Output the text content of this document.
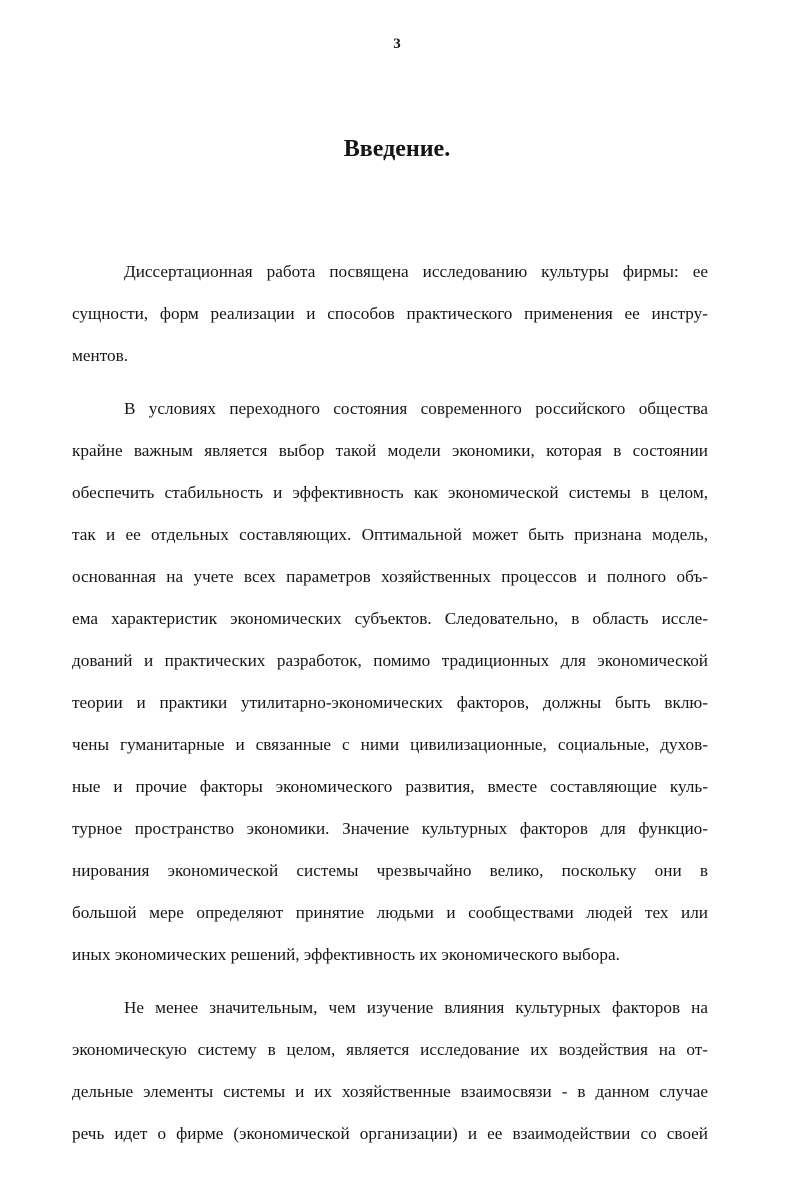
3
Введение.

Диссертационная работа посвящена исследованию культуры фирмы: ее
сущности, форм реализации и способов практического применения ее инстру-
ментов.

В условиях переходного состояния современного российского общества
крайне важным является выбор такой модели экономики, которая в состоянии
обеспечить стабильность и эффективность как экономической системы в целом,
так и ее отдельных составляющих. Оптимальной может быть признана модель,
основанная на учете всех параметров хозяйственных процессов и полного объ-
ема характеристик экономических субъектов. Следовательно, в область иссле-
дований и практических разработок, помимо традиционных для экономической
теории и практики утилитарно-экономических факторов, должны быть вклю-
чены гуманитарные и связанные с ними цивилизационные, социальные, духов-
ные и прочие факторы экономического развития, вместе составляющие куль-
турное пространство экономики. Значение культурных факторов для функцио-
нирования экономической системы чрезвычайно велико, поскольку они в
большой мере определяют принятие людьми и сообществами людей тех или
иных экономических решений, эффективность их экономического выбора.

Не менее значительным, чем изучение влияния культурных факторов на
экономическую систему в целом, является исследование их воздействия на от-
дельные элементы системы и их хозяйственные взаимосвязи - в данном случае
речь идет о фирме (экономической организации) и ее взаимодействии со своей
